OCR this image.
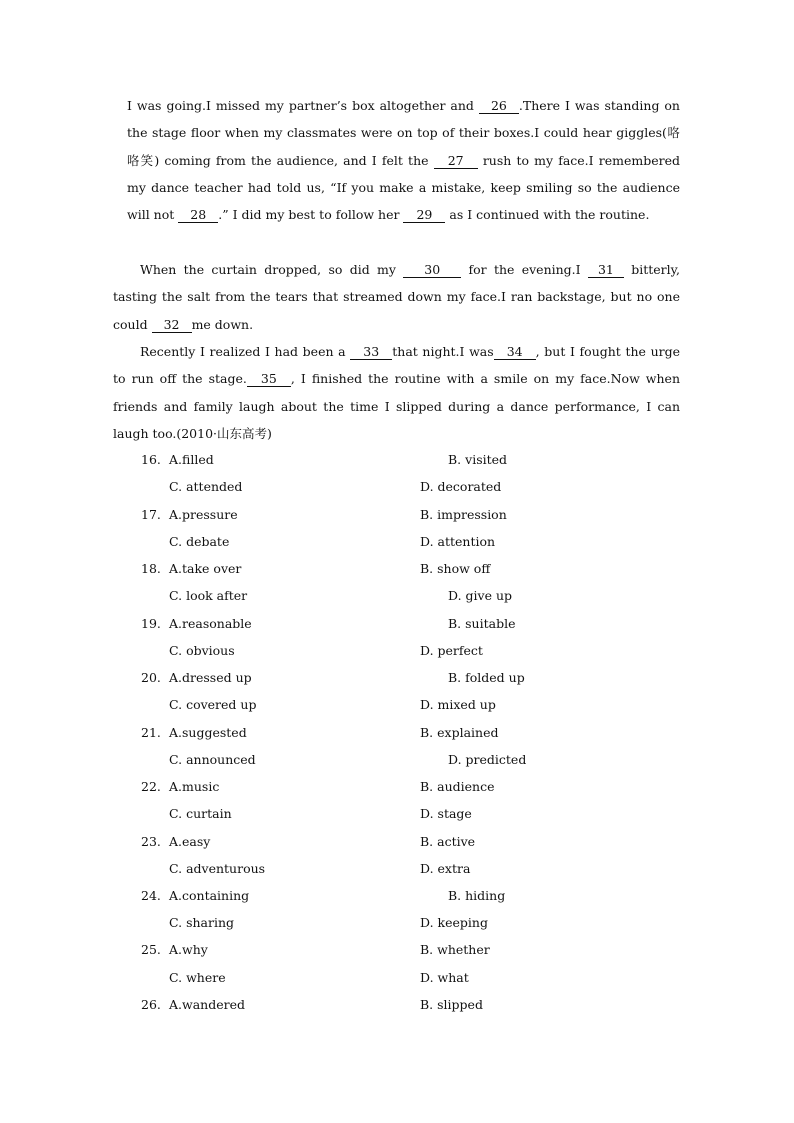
I was going.I missed my partner’s box altogether and 26 .There I was standing on the stage floor when my classmates were on top of their boxes.I could hear giggles(咯咯笑) coming from the audience, and I felt the 27 rush to my face.I remembered my dance teacher had told us, “If you make a mistake, keep smiling so the audience will not 28 .” I did my best to follow her 29 as I continued with the routine.
When the curtain dropped, so did my 30 for the evening.I 31 bitterly, tasting the salt from the tears that streamed down my face.I ran backstage, but no one could 32 me down.
Recently I realized I had been a 33 that night.I was 34 , but I fought the urge to run off the stage. 35 , I finished the routine with a smile on my face.Now when friends and family laugh about the time I slipped during a dance performance, I can laugh too.(2010·山东高考)
16. A.filled	B. visited
C. attended	D. decorated
17. A.pressure	B. impression
C. debate	D. attention
18. A.take over	B. show off
C. look after	D. give up
19. A.reasonable	B. suitable
C. obvious	D. perfect
20. A.dressed up	B. folded up
C. covered up	D. mixed up
21. A.suggested	B. explained
C. announced	D. predicted
22. A.music	B. audience
C. curtain	D. stage
23. A.easy	B. active
C. adventurous	D. extra
24. A.containing	B. hiding
C. sharing	D. keeping
25. A.why	B. whether
C. where	D. what
26. A.wandered	B. slipped
